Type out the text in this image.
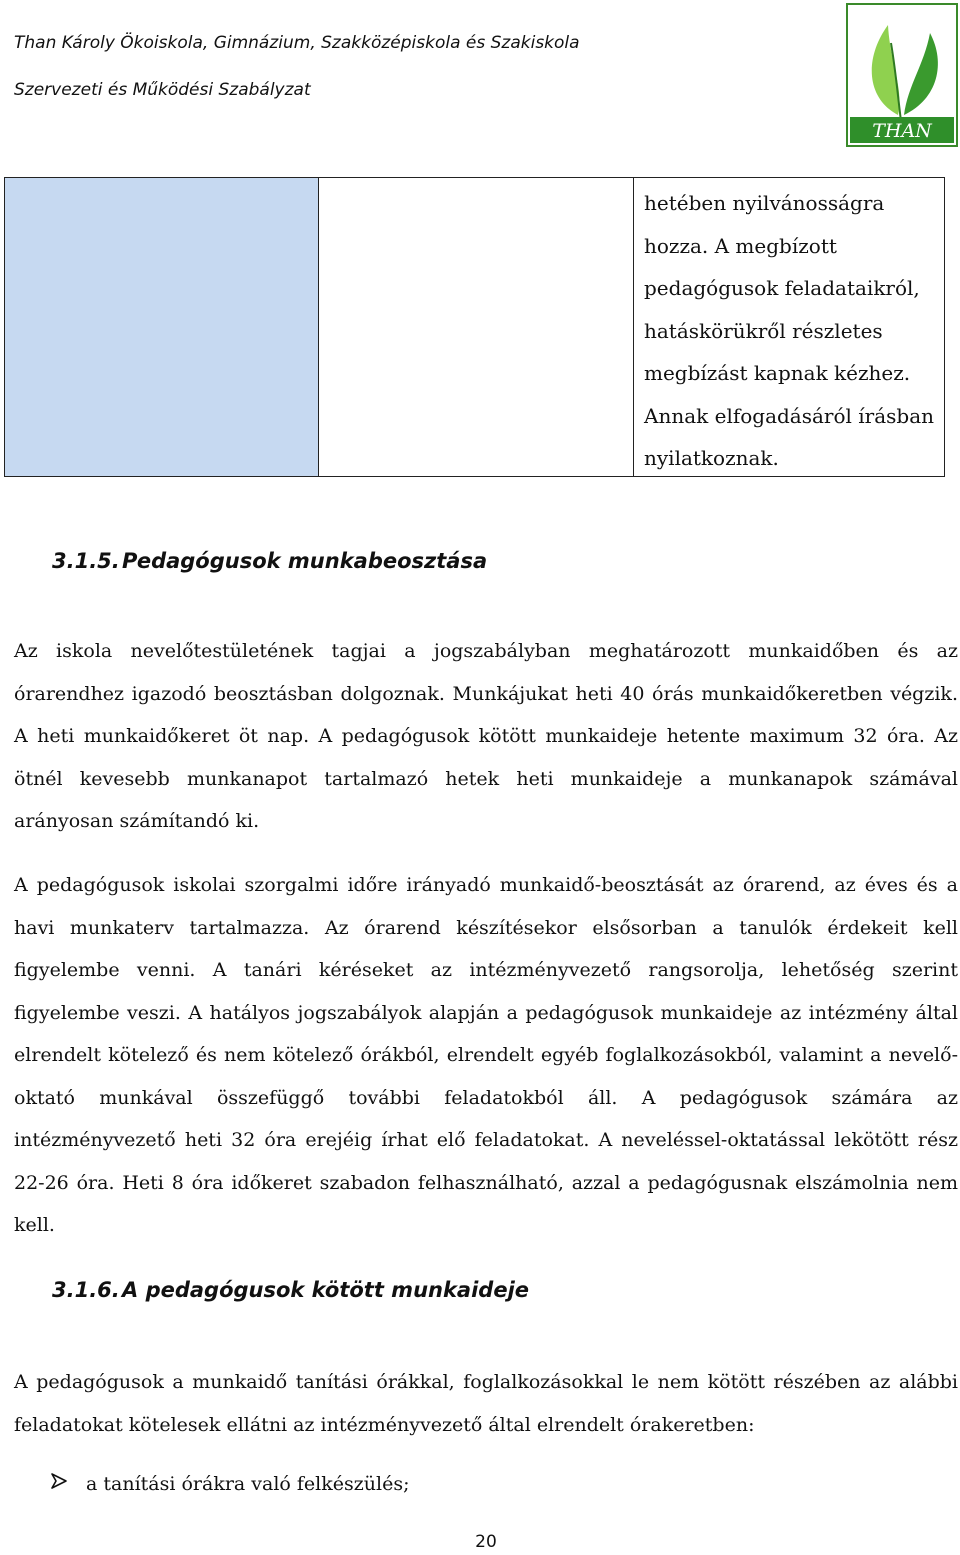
Than Károly Ökoiskola, Gimnázium, Szakközépiskola és Szakiskola
Szervezeti és Működési Szabályzat
THAN
hetében nyilvánosságra
hozza. A megbízott
pedagógusok feladataikról,
hatáskörükről részletes
megbízást kapnak kézhez.
Annak elfogadásáról írásban
nyilatkoznak.
3.1.5. Pedagógusok munkabeosztása
Az iskola nevelőtestületének tagjai a jogszabályban meghatározott munkaidőben és az órarendhez igazodó beosztásban dolgoznak. Munkájukat heti 40 órás munkaidőkeretben végzik. A heti munkaidőkeret öt nap. A pedagógusok kötött munkaideje hetente maximum 32 óra. Az ötnél kevesebb munkanapot tartalmazó hetek heti munkaideje a munkanapok számával arányosan számítandó ki.
A pedagógusok iskolai szorgalmi időre irányadó munkaidő-beosztását az órarend, az éves és a havi munkaterv tartalmazza. Az órarend készítésekor elsősorban a tanulók érdekeit kell figyelembe venni. A tanári kéréseket az intézményvezető rangsorolja, lehetőség szerint figyelembe veszi. A hatályos jogszabályok alapján a pedagógusok munkaideje az intézmény által elrendelt kötelező és nem kötelező órákból, elrendelt egyéb foglalkozásokból, valamint a nevelő-oktató munkával összefüggő további feladatokból áll. A pedagógusok számára az intézményvezető heti 32 óra erejéig írhat elő feladatokat. A neveléssel-oktatással lekötött rész 22-26 óra. Heti 8 óra időkeret szabadon felhasználható, azzal a pedagógusnak elszámolnia nem kell.
3.1.6. A pedagógusok kötött munkaideje
A pedagógusok a munkaidő tanítási órákkal, foglalkozásokkal le nem kötött részében az alábbi feladatokat kötelesek ellátni az intézményvezető által elrendelt órakeretben:
a tanítási órákra való felkészülés;
20
